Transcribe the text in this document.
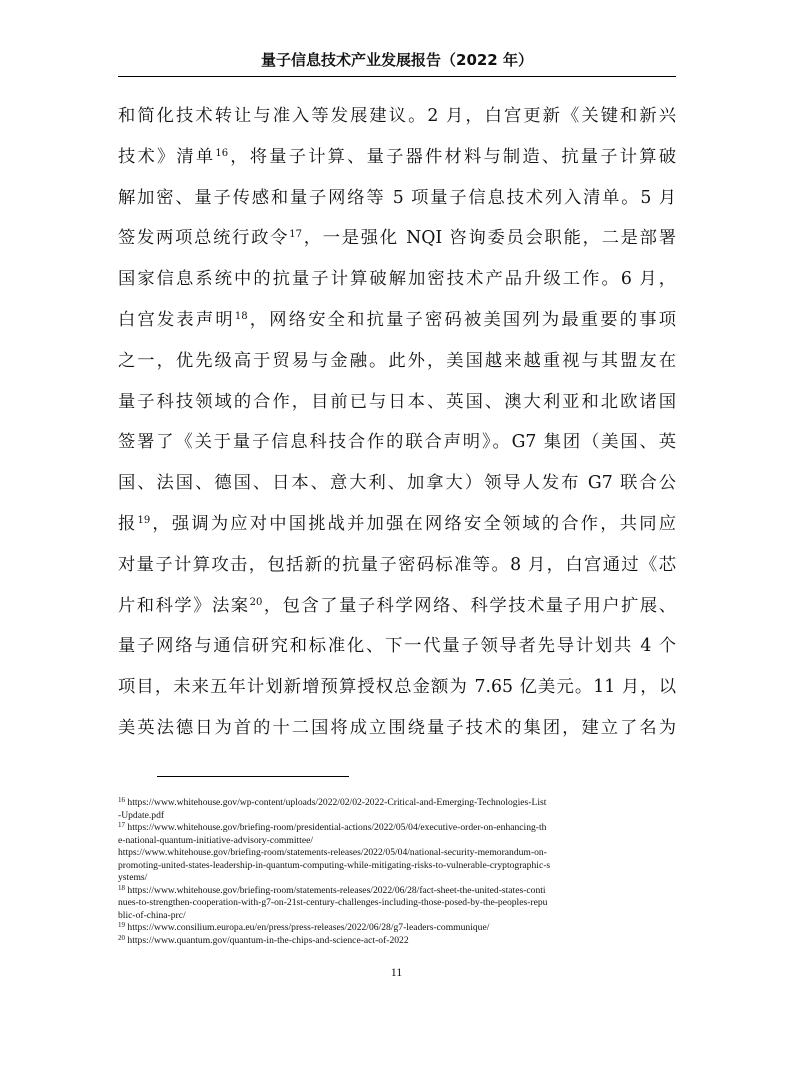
量子信息技术产业发展报告（2022 年）
和简化技术转让与准入等发展建议。2 月，白宫更新《关键和新兴
技术》清单$^{16}$，将量子计算、量子器件材料与制造、抗量子计算破
解加密、量子传感和量子网络等 5 项量子信息技术列入清单。5 月
签发两项总统行政令$^{17}$，一是强化 NQI 咨询委员会职能，二是部署
国家信息系统中的抗量子计算破解加密技术产品升级工作。6 月，
白宫发表声明$^{18}$，网络安全和抗量子密码被美国列为最重要的事项
之一，优先级高于贸易与金融。此外，美国越来越重视与其盟友在
量子科技领域的合作，目前已与日本、英国、澳大利亚和北欧诸国
签署了《关于量子信息科技合作的联合声明》。G7 集团（美国、英
国、法国、德国、日本、意大利、加拿大）领导人发布 G7 联合公
报$^{19}$，强调为应对中国挑战并加强在网络安全领域的合作，共同应
对量子计算攻击，包括新的抗量子密码标准等。8 月，白宫通过《芯
片和科学》法案$^{20}$，包含了量子科学网络、科学技术量子用户扩展、
量子网络与通信研究和标准化、下一代量子领导者先导计划共 4 个
项目，未来五年计划新增预算授权总金额为 7.65 亿美元。11 月，以
美英法德日为首的十二国将成立围绕量子技术的集团，建立了名为
$^{16}$ https://www.whitehouse.gov/wp-content/uploads/2022/02/02-2022-Critical-and-Emerging-Technologies-List
-Update.pdf
$^{17}$ https://www.whitehouse.gov/briefing-room/presidential-actions/2022/05/04/executive-order-on-enhancing-th
e-national-quantum-initiative-advisory-committee/
https://www.whitehouse.gov/briefing-room/statements-releases/2022/05/04/national-security-memorandum-on-
promoting-united-states-leadership-in-quantum-computing-while-mitigating-risks-to-vulnerable-cryptographic-s
ystems/
$^{18}$ https://www.whitehouse.gov/briefing-room/statements-releases/2022/06/28/fact-sheet-the-united-states-conti
nues-to-strengthen-cooperation-with-g7-on-21st-century-challenges-including-those-posed-by-the-peoples-repu
blic-of-china-prc/
$^{19}$ https://www.consilium.europa.eu/en/press/press-releases/2022/06/28/g7-leaders-communique/
$^{20}$ https://www.quantum.gov/quantum-in-the-chips-and-science-act-of-2022
11
